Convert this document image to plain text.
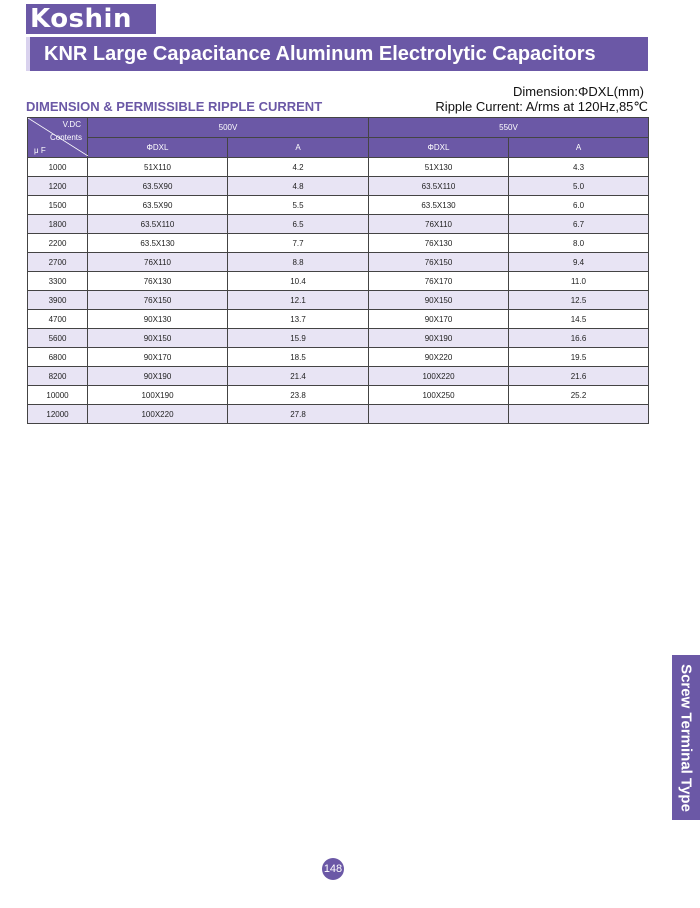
Koshin
KNR Large Capacitance Aluminum Electrolytic Capacitors
Dimension:ΦDXL(mm)
DIMENSION & PERMISSIBLE RIPPLE CURRENT	Ripple Current: A/rms at 120Hz,85℃
V.DC
Contents
μ F	500V		550V	
	ΦDXL	A	ΦDXL	A
1000	51X110	4.2	51X130	4.3
1200	63.5X90	4.8	63.5X110	5.0
1500	63.5X90	5.5	63.5X130	6.0
1800	63.5X110	6.5	76X110	6.7
2200	63.5X130	7.7	76X130	8.0
2700	76X110	8.8	76X150	9.4
3300	76X130	10.4	76X170	11.0
3900	76X150	12.1	90X150	12.5
4700	90X130	13.7	90X170	14.5
5600	90X150	15.9	90X190	16.6
6800	90X170	18.5	90X220	19.5
8200	90X190	21.4	100X220	21.6
10000	100X190	23.8	100X250	25.2
12000	100X220	27.8		
Screw Terminal Type
148
